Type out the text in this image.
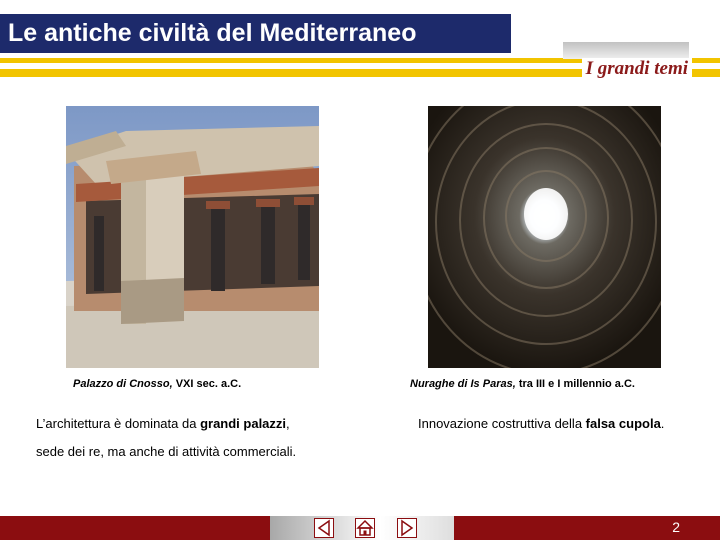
Le antiche civiltà del Mediterraneo
I grandi temi
Palazzo di Cnosso, VXI sec. a.C.	Nuraghe di Is Paras, tra III e I millennio a.C.
L’architettura è dominata da grandi palazzi,
sede dei re, ma anche di attività commerciali.
Innovazione costruttiva della falsa cupola.
2
